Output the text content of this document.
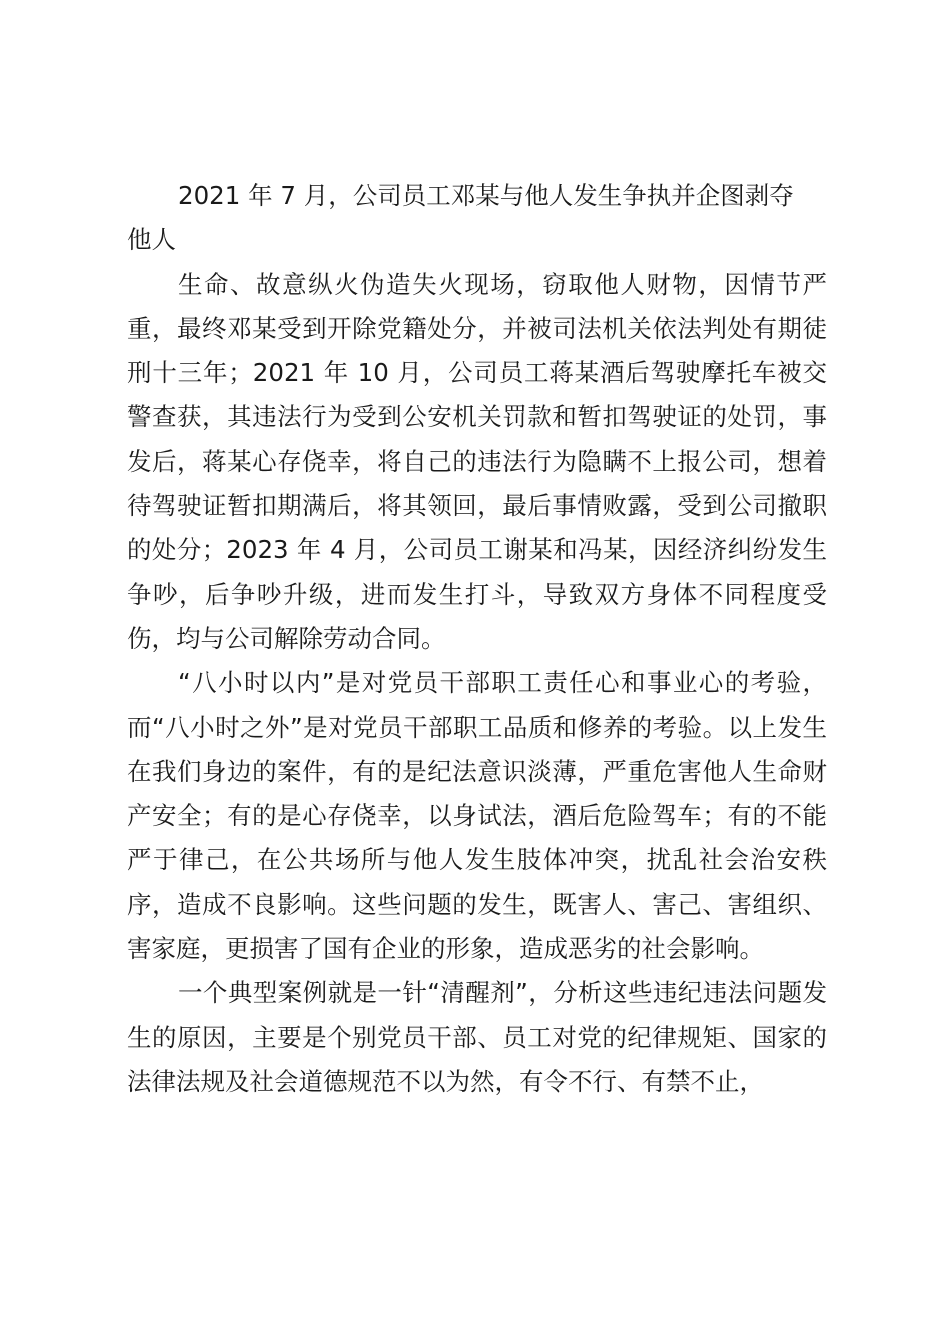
2021 年 7 月，公司员工邓某与他人发生争执并企图剥夺

他人

生命、故意纵火伪造失火现场，窃取他人财物，因情节严重，最终邓某受到开除党籍处分，并被司法机关依法判处有期徒刑十三年；2021 年 10 月，公司员工蒋某酒后驾驶摩托车被交警查获，其违法行为受到公安机关罚款和暂扣驾驶证的处罚，事发后，蒋某心存侥幸，将自己的违法行为隐瞒不上报公司，想着待驾驶证暂扣期满后，将其领回，最后事情败露，受到公司撤职的处分；2023 年 4 月，公司员工谢某和冯某，因经济纠纷发生争吵，后争吵升级，进而发生打斗，导致双方身体不同程度受伤，均与公司解除劳动合同。

“八小时以内”是对党员干部职工责任心和事业心的考验，而“八小时之外”是对党员干部职工品质和修养的考验。以上发生在我们身边的案件，有的是纪法意识淡薄，严重危害他人生命财产安全；有的是心存侥幸，以身试法，酒后危险驾车；有的不能严于律己，在公共场所与他人发生肢体冲突，扰乱社会治安秩序，造成不良影响。这些问题的发生，既害人、害己、害组织、害家庭，更损害了国有企业的形象，造成恶劣的社会影响。

一个典型案例就是一针“清醒剂”，分析这些违纪违法问题发生的原因，主要是个别党员干部、员工对党的纪律规矩、国家的法律法规及社会道德规范不以为然，有令不行、有禁不止，
